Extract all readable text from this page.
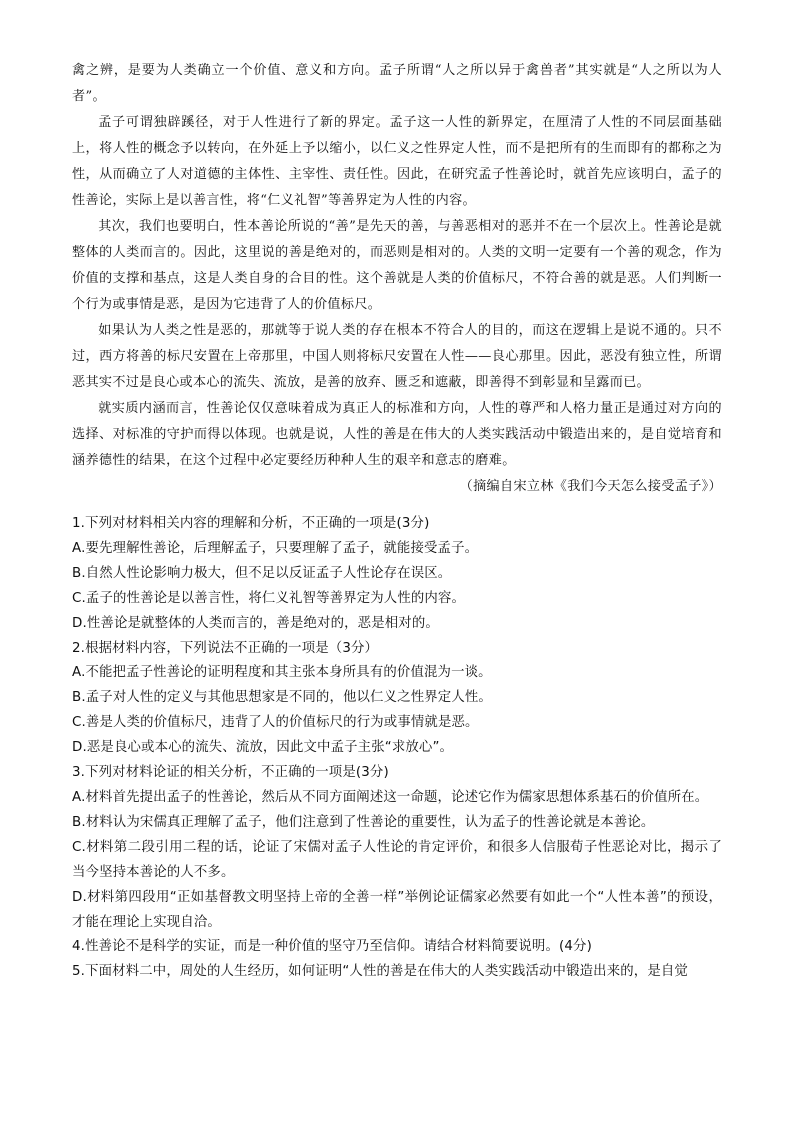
禽之辨，是要为人类确立一个价值、意义和方向。孟子所谓“人之所以异于禽兽者”其实就是“人之所以为人者”。

孟子可谓独辟蹊径，对于人性进行了新的界定。孟子这一人性的新界定，在厘清了人性的不同层面基础上，将人性的概念予以转向，在外延上予以缩小，以仁义之性界定人性，而不是把所有的生而即有的都称之为性，从而确立了人对道德的主体性、主宰性、责任性。因此，在研究孟子性善论时，就首先应该明白，孟子的性善论，实际上是以善言性，将“仁义礼智”等善界定为人性的内容。

其次，我们也要明白，性本善论所说的“善”是先天的善，与善恶相对的恶并不在一个层次上。性善论是就整体的人类而言的。因此，这里说的善是绝对的，而恶则是相对的。人类的文明一定要有一个善的观念，作为价值的支撑和基点，这是人类自身的合目的性。这个善就是人类的价值标尺，不符合善的就是恶。人们判断一个行为或事情是恶，是因为它违背了人的价值标尺。

如果认为人类之性是恶的，那就等于说人类的存在根本不符合人的目的，而这在逻辑上是说不通的。只不过，西方将善的标尺安置在上帝那里，中国人则将标尺安置在人性——良心那里。因此，恶没有独立性，所谓恶其实不过是良心或本心的流失、流放，是善的放弃、匮乏和遮蔽，即善得不到彰显和呈露而已。

就实质内涵而言，性善论仅仅意味着成为真正人的标准和方向，人性的尊严和人格力量正是通过对方向的选择、对标准的守护而得以体现。也就是说，人性的善是在伟大的人类实践活动中锻造出来的，是自觉培育和涵养德性的结果，在这个过程中必定要经历种种人生的艰辛和意志的磨难。

（摘编自宋立林《我们今天怎么接受孟子》）

1.下列对材料相关内容的理解和分析，不正确的一项是(3分)

A.要先理解性善论，后理解孟子，只要理解了孟子，就能接受孟子。

B.自然人性论影响力极大，但不足以反证孟子人性论存在误区。

C.孟子的性善论是以善言性，将仁义礼智等善界定为人性的内容。

D.性善论是就整体的人类而言的，善是绝对的，恶是相对的。

2.根据材料内容，下列说法不正确的一项是（3分）

A.不能把孟子性善论的证明程度和其主张本身所具有的价值混为一谈。

B.孟子对人性的定义与其他思想家是不同的，他以仁义之性界定人性。

C.善是人类的价值标尺，违背了人的价值标尺的行为或事情就是恶。

D.恶是良心或本心的流失、流放，因此文中孟子主张“求放心”。

3.下列对材料论证的相关分析，不正确的一项是(3分)

A.材料首先提出孟子的性善论，然后从不同方面阐述这一命题，论述它作为儒家思想体系基石的价值所在。

B.材料认为宋儒真正理解了孟子，他们注意到了性善论的重要性，认为孟子的性善论就是本善论。

C.材料第二段引用二程的话，论证了宋儒对孟子人性论的肯定评价，和很多人信服荀子性恶论对比，揭示了当今坚持本善论的人不多。

D.材料第四段用“正如基督教文明坚持上帝的全善一样”举例论证儒家必然要有如此一个“人性本善”的预设，才能在理论上实现自洽。

4.性善论不是科学的实证，而是一种价值的坚守乃至信仰。请结合材料简要说明。(4分)

5.下面材料二中，周处的人生经历，如何证明“人性的善是在伟大的人类实践活动中锻造出来的，是自觉
